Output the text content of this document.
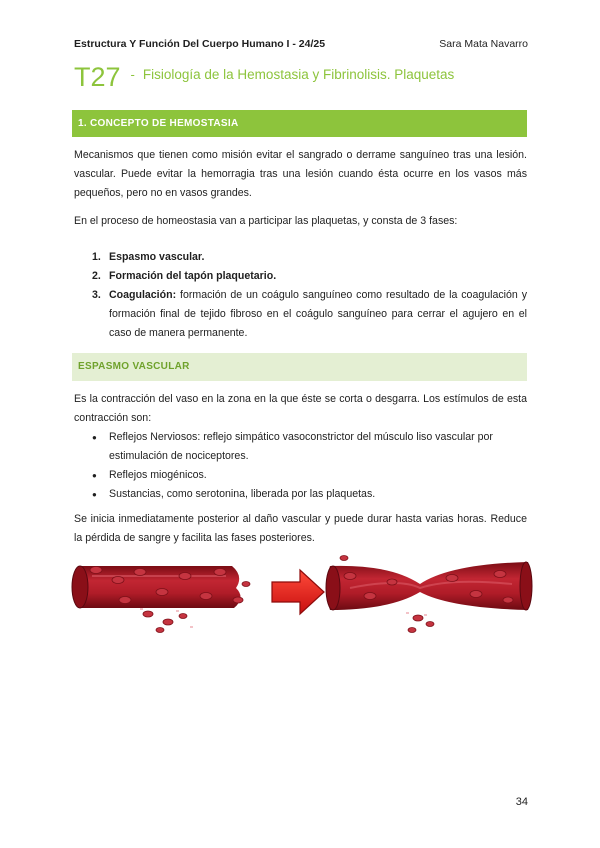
Estructura Y Función Del Cuerpo Humano I - 24/25	Sara Mata Navarro
T27 - $^{Fisiología de la Hemostasia y Fibrinolisis. Plaquetas}$
1. CONCEPTO DE HEMOSTASIA
Mecanismos que tienen como misión evitar el sangrado o derrame sanguíneo tras una lesión. vascular. Puede evitar la hemorragia tras una lesión cuando ésta ocurre en los vasos más pequeños, pero no en vasos grandes.
En el proceso de homeostasia van a participar las plaquetas, y consta de 3 fases:
1. Espasmo vascular.
2. Formación del tapón plaquetario.
3. Coagulación: formación de un coágulo sanguíneo como resultado de la coagulación y formación final de tejido fibroso en el coágulo sanguíneo para cerrar el agujero en el caso de manera permanente.
ESPASMO VASCULAR
Es la contracción del vaso en la zona en la que éste se corta o desgarra. Los estímulos de esta contracción son:
● Reflejos Nerviosos: reflejo simpático vasoconstrictor del músculo liso vascular por estimulación de nociceptores.
● Reflejos miogénicos.
● Sustancias, como serotonina, liberada por las plaquetas.
Se inicia inmediatamente posterior al daño vascular y puede durar hasta varias horas. Reduce la pérdida de sangre y facilita las fases posteriores.
34
